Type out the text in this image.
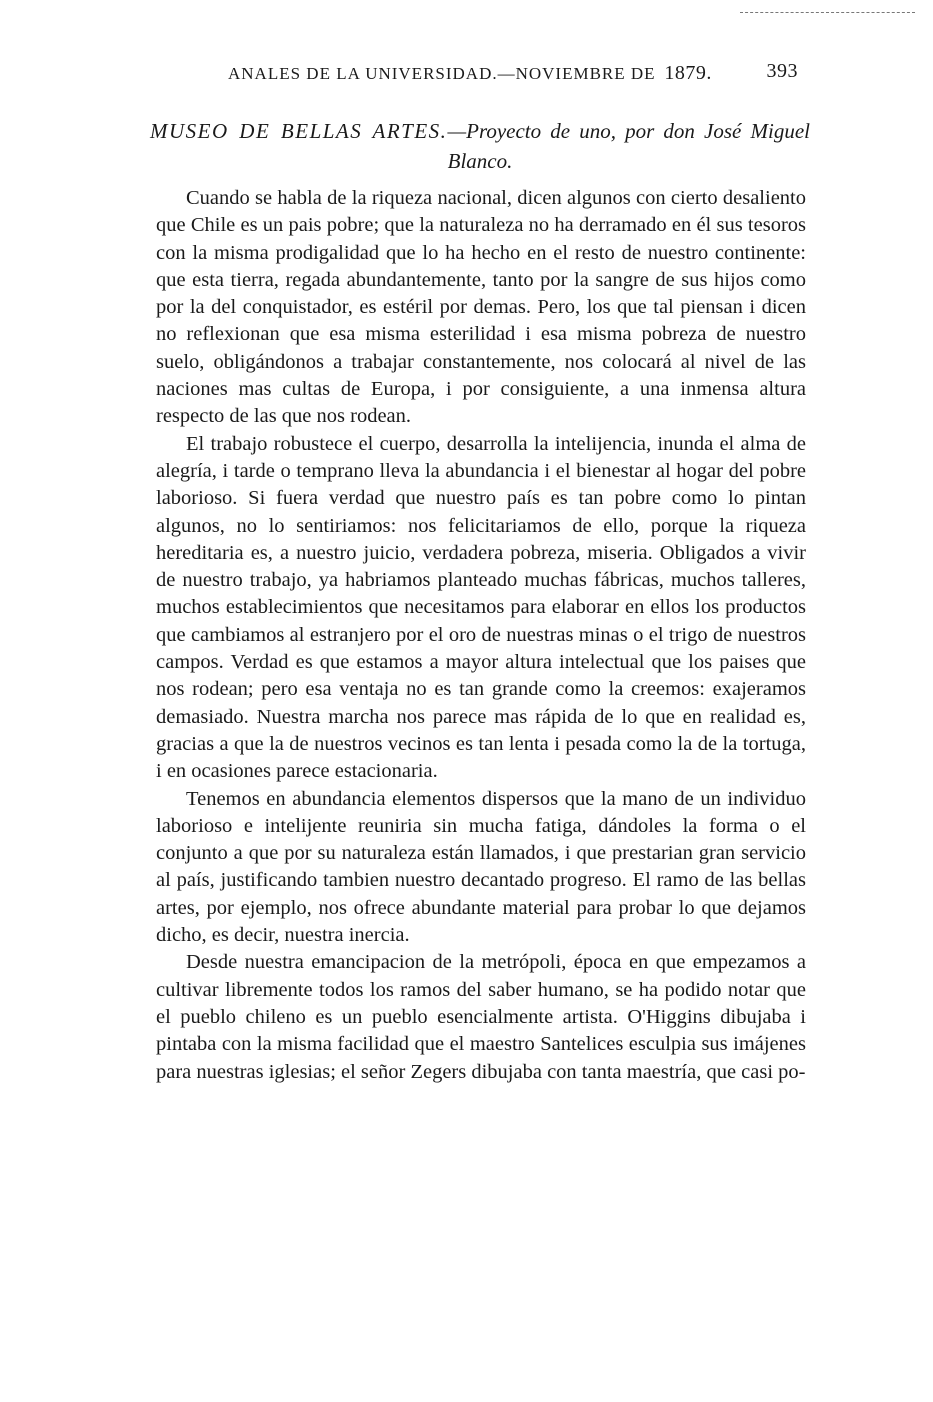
ANALES DE LA UNIVERSIDAD.—NOVIEMBRE DE 1879.	393
MUSEO DE BELLAS ARTES.—Proyecto de uno, por don José Miguel Blanco.

Cuando se habla de la riqueza nacional, dicen algunos con cierto desaliento que Chile es un pais pobre; que la naturaleza no ha derramado en él sus tesoros con la misma prodigalidad que lo ha hecho en el resto de nuestro continente: que esta tierra, regada abundantemente, tanto por la sangre de sus hijos como por la del conquistador, es estéril por demas. Pero, los que tal piensan i dicen no reflexionan que esa misma esterilidad i esa misma pobreza de nuestro suelo, obligándonos a trabajar constantemente, nos colocará al nivel de las naciones mas cultas de Europa, i por consiguiente, a una inmensa altura respecto de las que nos rodean.

El trabajo robustece el cuerpo, desarrolla la intelijencia, inunda el alma de alegría, i tarde o temprano lleva la abundancia i el bienestar al hogar del pobre laborioso. Si fuera verdad que nuestro país es tan pobre como lo pintan algunos, no lo sentiriamos: nos felicitariamos de ello, porque la riqueza hereditaria es, a nuestro juicio, verdadera pobreza, miseria. Obligados a vivir de nuestro trabajo, ya habriamos planteado muchas fábricas, muchos talleres, muchos establecimientos que necesitamos para elaborar en ellos los productos que cambiamos al estranjero por el oro de nuestras minas o el trigo de nuestros campos. Verdad es que estamos a mayor altura intelectual que los paises que nos rodean; pero esa ventaja no es tan grande como la creemos: exajeramos demasiado. Nuestra marcha nos parece mas rápida de lo que en realidad es, gracias a que la de nuestros vecinos es tan lenta i pesada como la de la tortuga, i en ocasiones parece estacionaria.

Tenemos en abundancia elementos dispersos que la mano de un individuo laborioso e intelijente reuniria sin mucha fatiga, dándoles la forma o el conjunto a que por su naturaleza están llamados, i que prestarian gran servicio al país, justificando tambien nuestro decantado progreso. El ramo de las bellas artes, por ejemplo, nos ofrece abundante material para probar lo que dejamos dicho, es decir, nuestra inercia.

Desde nuestra emancipacion de la metrópoli, época en que empezamos a cultivar libremente todos los ramos del saber humano, se ha podido notar que el pueblo chileno es un pueblo esencialmente artista. O'Higgins dibujaba i pintaba con la misma facilidad que el maestro Santelices esculpia sus imájenes para nuestras iglesias; el señor Zegers dibujaba con tanta maestría, que casi po-
